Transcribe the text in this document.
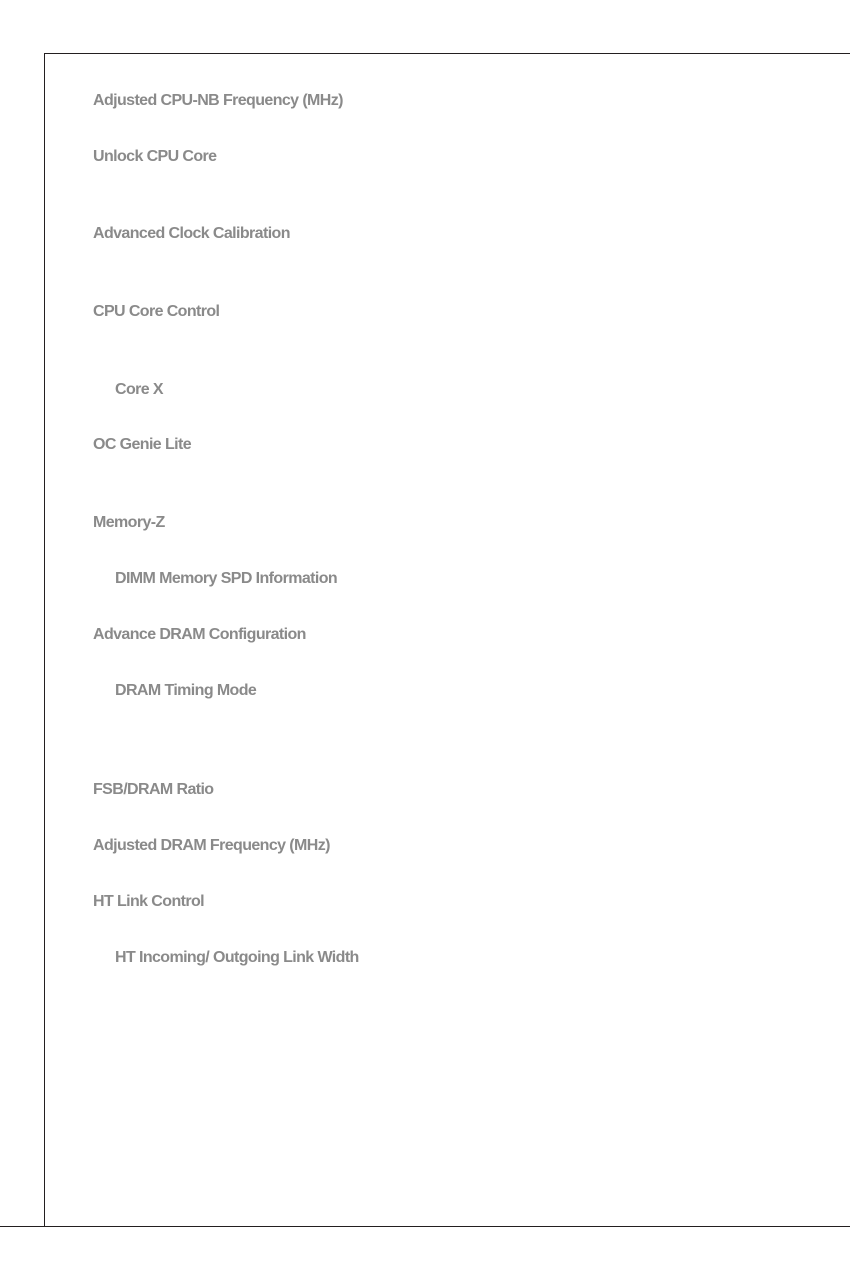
Adjusted CPU-NB Frequency (MHz)

Unlock CPU Core

Advanced Clock Calibration

CPU Core Control

Core X

OC Genie Lite

Memory-Z

DIMM Memory SPD Information

Advance DRAM Configuration

DRAM Timing Mode

FSB/DRAM Ratio

Adjusted DRAM Frequency (MHz)

HT Link Control

HT Incoming/ Outgoing Link Width
